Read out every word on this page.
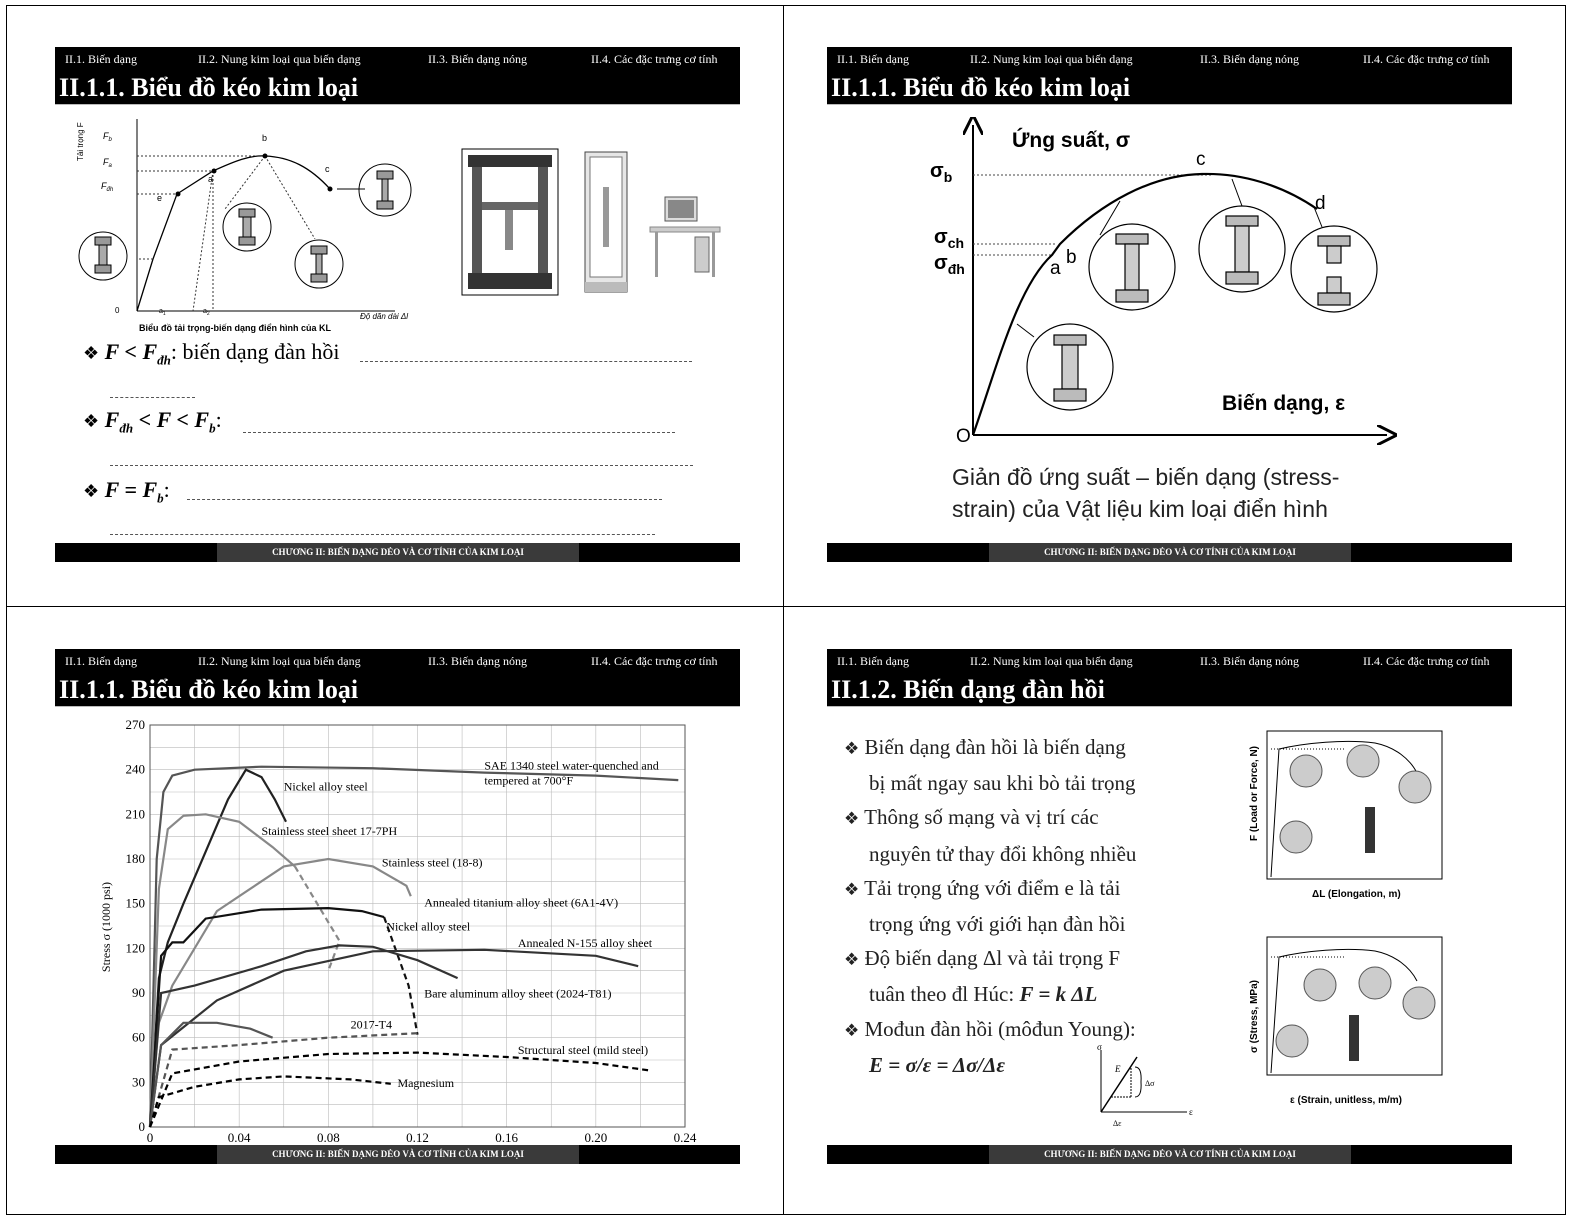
II.1. Biến dạng	II.2. Nung kim loại qua biến dạng	II.3. Biến dạng nóng	II.4. Các đặc trưng cơ tính
II.1.1. Biểu đồ kéo kim loại
Tải trọng F $F_b$
$F_a$
$F_{đh}$
b
c
a
e
0	$a_1$	$a_2$	Độ dãn dài Δl
Biểu đồ tải trọng-biến dạng điển hình của KL
❖ $F < F_{đh}$: biến dạng đàn hồi
❖ $F_{đh} < F < F_b$:
❖ $F = F_b$:
CHƯƠNG II: BIẾN DẠNG DẺO VÀ CƠ TÍNH CỦA KIM LOẠI
II.1. Biến dạng	II.2. Nung kim loại qua biến dạng	II.3. Biến dạng nóng	II.4. Các đặc trưng cơ tính
II.1.1. Biểu đồ kéo kim loại
Ứng suất, σ
$\sigma_b$
$\sigma_{ch}$
$\sigma_{đh}$	a
b
c
d
O
Biến dạng, ε
Giản đồ ứng suất – biến dạng (stress-
strain) của Vật liệu kim loại điển hình
CHƯƠNG II: BIẾN DẠNG DẺO VÀ CƠ TÍNH CỦA KIM LOẠI
II.1. Biến dạng	II.2. Nung kim loại qua biến dạng	II.3. Biến dạng nóng	II.4. Các đặc trưng cơ tính
II.1.1. Biểu đồ kéo kim loại
0	0.04	0.08	0.12	0.16	0.20	0.24
0
30
60
90
120
150
180
210
240
270
SAE 1340 steel water-quenched and
tempered at 700°F
Nickel alloy steel
Stainless steel sheet 17-7PH
Stainless steel (18-8)
Annealed titanium alloy sheet (6A1-4V)
Nickel alloy steel
Annealed N-155 alloy sheet
Bare aluminum alloy sheet (2024-T81)
2017-T4
Structural steel (mild steel)
Magnesium
Stress σ (1000 psi)
CHƯƠNG II: BIẾN DẠNG DẺO VÀ CƠ TÍNH CỦA KIM LOẠI
II.1. Biến dạng	II.2. Nung kim loại qua biến dạng	II.3. Biến dạng nóng	II.4. Các đặc trưng cơ tính
II.1.2. Biến dạng đàn hồi
❖ Biến dạng đàn hồi là biến dạng
bị mất ngay sau khi bò tải trọng
❖ Thông số mạng và vị trí các
nguyên tử thay đổi không nhiều
❖ Tải trọng ứng với điểm e là tải
trọng ứng với giới hạn đàn hồi
❖ Độ biến dạng Δl và tải trọng F
tuân theo đl Húc: F = k ΔL
❖ Mođun đàn hồi (môđun Young):
E = σ/ε = Δσ/Δε
σ
ε
E
Δσ
Δε
F (Load or Force, N)
ΔL (Elongation, m)
σ (Stress, MPa)
ε (Strain, unitless, m/m)
CHƯƠNG II: BIẾN DẠNG DẺO VÀ CƠ TÍNH CỦA KIM LOẠI
